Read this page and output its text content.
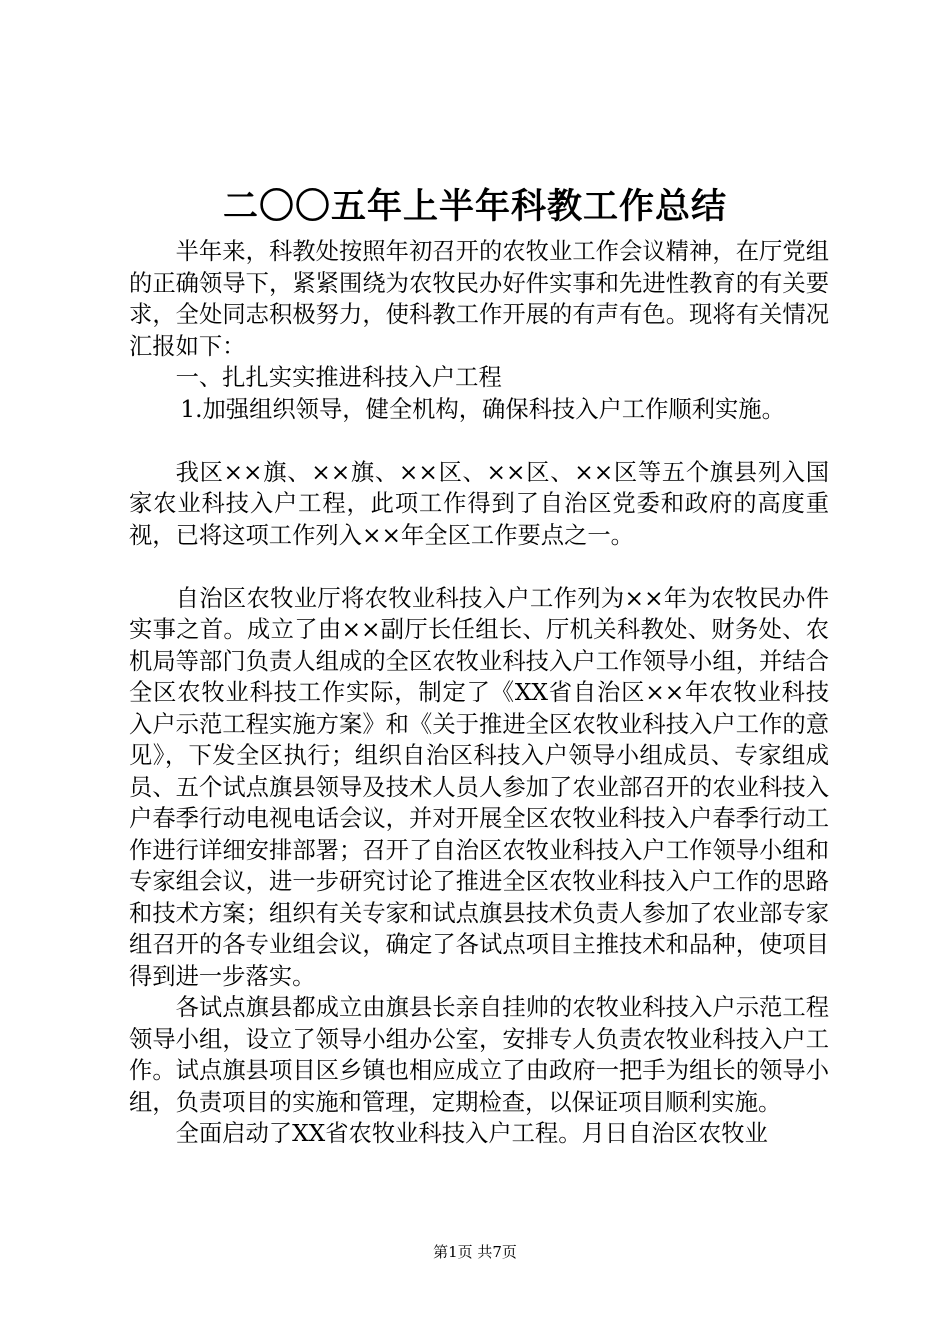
二〇〇五年上半年科教工作总结

半年来，科教处按照年初召开的农牧业工作会议精神，在厅党组的正确领导下，紧紧围绕为农牧民办好件实事和先进性教育的有关要求，全处同志积极努力，使科教工作开展的有声有色。现将有关情况汇报如下：

一、扎扎实实推进科技入户工程

1.加强组织领导，健全机构，确保科技入户工作顺利实施。

我区××旗、××旗、××区、××区、××区等五个旗县列入国家农业科技入户工程，此项工作得到了自治区党委和政府的高度重视，已将这项工作列入××年全区工作要点之一。

自治区农牧业厅将农牧业科技入户工作列为××年为农牧民办件实事之首。成立了由××副厅长任组长、厅机关科教处、财务处、农机局等部门负责人组成的全区农牧业科技入户工作领导小组，并结合全区农牧业科技工作实际，制定了《XX省自治区××年农牧业科技入户示范工程实施方案》和《关于推进全区农牧业科技入户工作的意见》，下发全区执行；组织自治区科技入户领导小组成员、专家组成员、五个试点旗县领导及技术人员人参加了农业部召开的农业科技入户春季行动电视电话会议，并对开展全区农牧业科技入户春季行动工作进行详细安排部署；召开了自治区农牧业科技入户工作领导小组和专家组会议，进一步研究讨论了推进全区农牧业科技入户工作的思路和技术方案；组织有关专家和试点旗县技术负责人参加了农业部专家组召开的各专业组会议，确定了各试点项目主推技术和品种，使项目得到进一步落实。

各试点旗县都成立由旗县长亲自挂帅的农牧业科技入户示范工程领导小组，设立了领导小组办公室，安排专人负责农牧业科技入户工作。试点旗县项目区乡镇也相应成立了由政府一把手为组长的领导小组，负责项目的实施和管理，定期检查，以保证项目顺利实施。

全面启动了XX省农牧业科技入户工程。月日自治区农牧业

第1页 共7页
